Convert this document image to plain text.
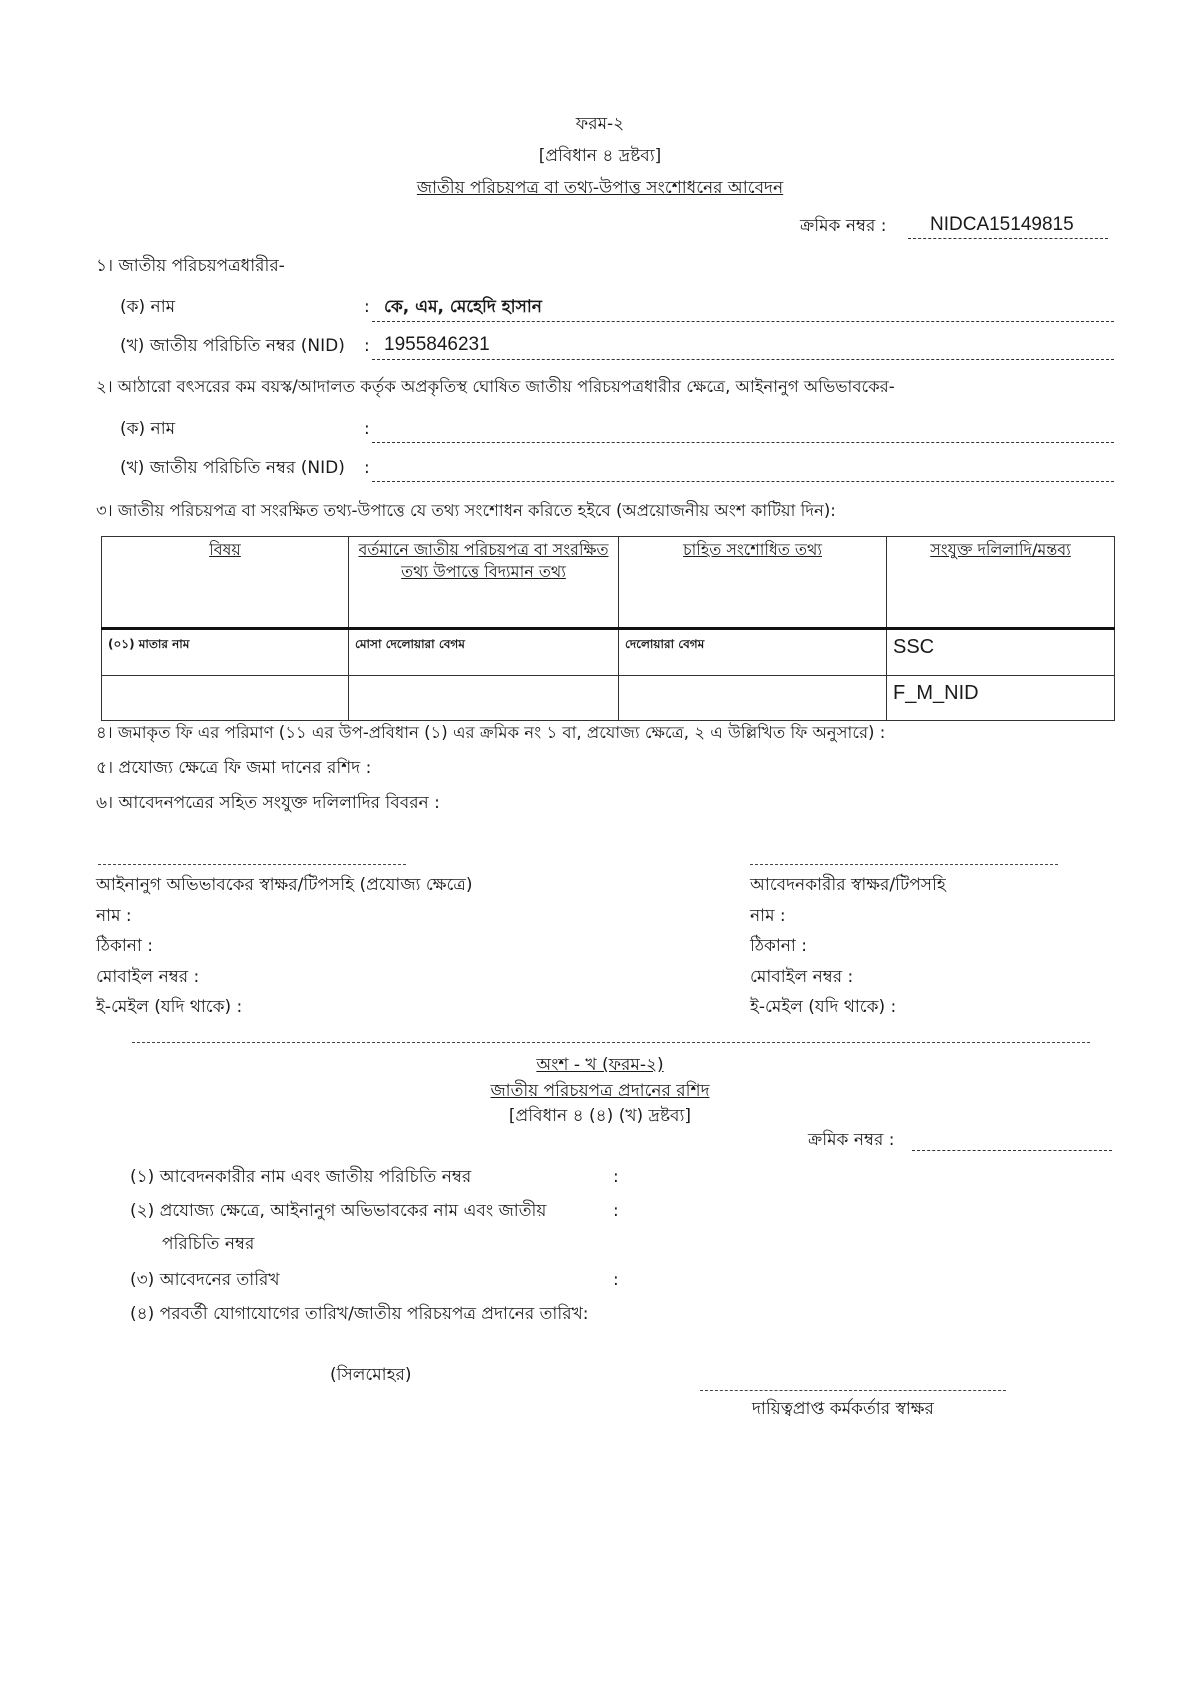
ফরম-২
[প্রবিধান ৪ দ্রষ্টব্য]
জাতীয় পরিচয়পত্র বা তথ্য-উপাত্ত সংশোধনের আবেদন
ক্রমিক নম্বর : NIDCA15149815
১। জাতীয় পরিচয়পত্রধারীর-
(ক) নাম	: কে, এম, মেহেদি হাসান
(খ) জাতীয় পরিচিতি নম্বর (NID) : 1955846231
২। আঠারো বৎসরের কম বয়স্ক/আদালত কর্তৃক অপ্রকৃতিস্থ ঘোষিত জাতীয় পরিচয়পত্রধারীর ক্ষেত্রে, আইনানুগ অভিভাবকের-
(ক) নাম	:
(খ) জাতীয় পরিচিতি নম্বর (NID) :
৩। জাতীয় পরিচয়পত্র বা সংরক্ষিত তথ্য-উপাত্তে যে তথ্য সংশোধন করিতে হইবে (অপ্রয়োজনীয় অংশ কাটিয়া দিন):
বিষয়	বর্তমানে জাতীয় পরিচয়পত্র বা সংরক্ষিত তথ্য উপাত্তে বিদ্যমান তথ্য	চাহিত সংশোধিত তথ্য	সংযুক্ত দলিলাদি/মন্তব্য
(০১) মাতার নাম	মোসা দেলোয়ারা বেগম	দেলোয়ারা বেগম	SSC
			F_M_NID
৪। জমাকৃত ফি এর পরিমাণ (১১ এর উপ-প্রবিধান (১) এর ক্রমিক নং ১ বা, প্রযোজ্য ক্ষেত্রে, ২ এ উল্লিখিত ফি অনুসারে) :
৫। প্রযোজ্য ক্ষেত্রে ফি জমা দানের রশিদ :
৬। আবেদনপত্রের সহিত সংযুক্ত দলিলাদির বিবরন :
আইনানুগ অভিভাবকের স্বাক্ষর/টিপসহি (প্রযোজ্য ক্ষেত্রে)
নাম :
ঠিকানা :
মোবাইল নম্বর :
ই-মেইল (যদি থাকে) :
আবেদনকারীর স্বাক্ষর/টিপসহি
নাম :
ঠিকানা :
মোবাইল নম্বর :
ই-মেইল (যদি থাকে) :
অংশ - খ (ফরম-২)
জাতীয় পরিচয়পত্র প্রদানের রশিদ
[প্রবিধান ৪ (৪) (খ) দ্রষ্টব্য]
ক্রমিক নম্বর :
(১) আবেদনকারীর নাম এবং জাতীয় পরিচিতি নম্বর	:
(২) প্রযোজ্য ক্ষেত্রে, আইনানুগ অভিভাবকের নাম এবং জাতীয়	:
পরিচিতি নম্বর
(৩) আবেদনের তারিখ	:
(৪) পরবর্তী যোগাযোগের তারিখ/জাতীয় পরিচয়পত্র প্রদানের তারিখ:
(সিলমোহর)
দায়িত্বপ্রাপ্ত কর্মকর্তার স্বাক্ষর
